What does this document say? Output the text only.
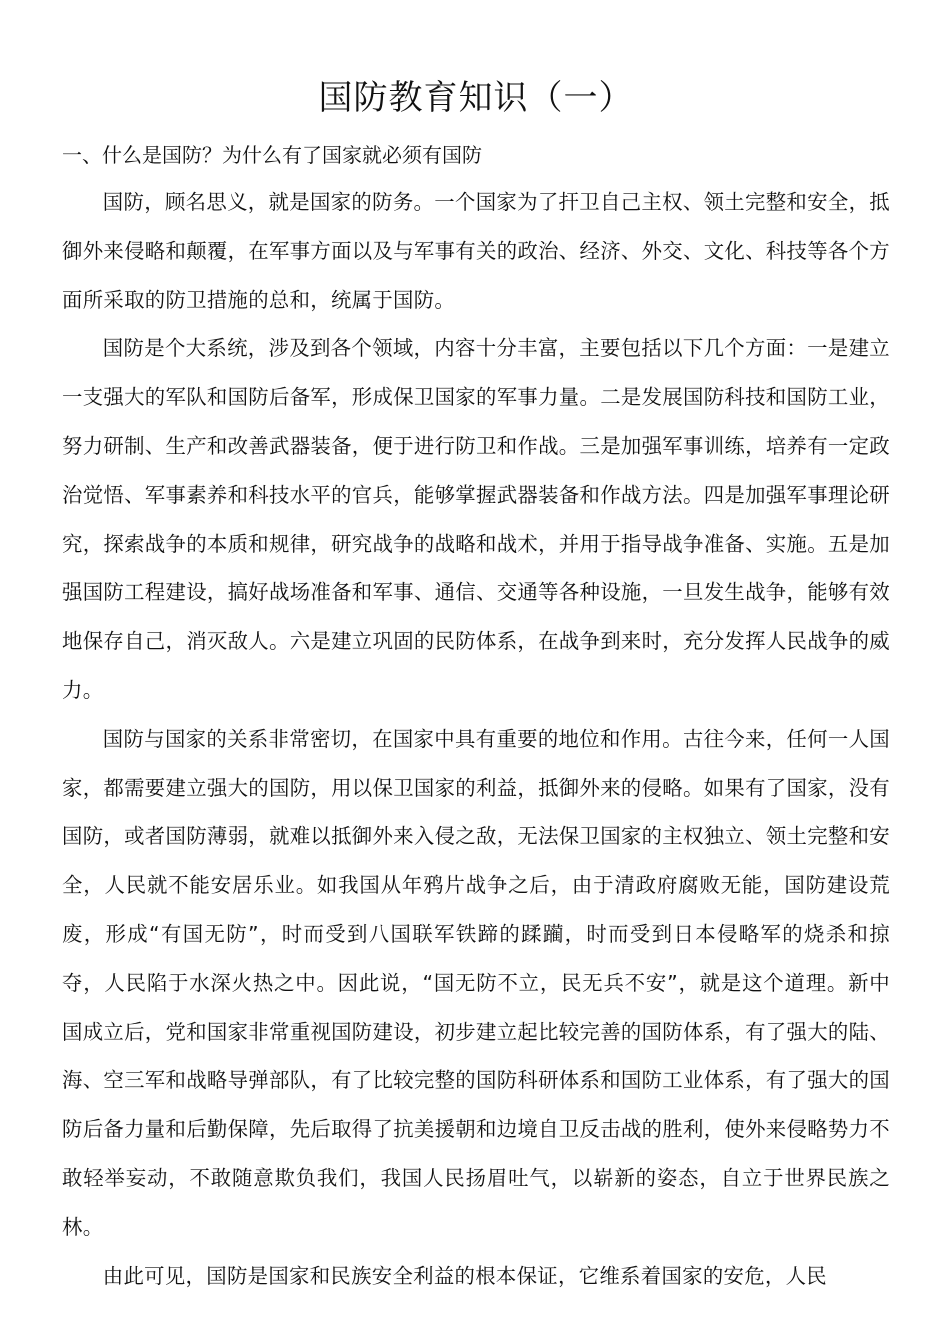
国防教育知识（一）
一、什么是国防？为什么有了国家就必须有国防

国防，顾名思义，就是国家的防务。一个国家为了扞卫自己主权、领土完整和安全，抵御外来侵略和颠覆，在军事方面以及与军事有关的政治、经济、外交、文化、科技等各个方面所采取的防卫措施的总和，统属于国防。

国防是个大系统，涉及到各个领域，内容十分丰富，主要包括以下几个方面：一是建立一支强大的军队和国防后备军，形成保卫国家的军事力量。二是发展国防科技和国防工业，努力研制、生产和改善武器装备，便于进行防卫和作战。三是加强军事训练，培养有一定政治觉悟、军事素养和科技水平的官兵，能够掌握武器装备和作战方法。四是加强军事理论研究，探索战争的本质和规律，研究战争的战略和战术，并用于指导战争准备、实施。五是加强国防工程建设，搞好战场准备和军事、通信、交通等各种设施，一旦发生战争，能够有效地保存自己，消灭敌人。六是建立巩固的民防体系，在战争到来时，充分发挥人民战争的威力。

国防与国家的关系非常密切，在国家中具有重要的地位和作用。古往今来，任何一人国家，都需要建立强大的国防，用以保卫国家的利益，抵御外来的侵略。如果有了国家，没有国防，或者国防薄弱，就难以抵御外来入侵之敌，无法保卫国家的主权独立、领土完整和安全，人民就不能安居乐业。如我国从年鸦片战争之后，由于清政府腐败无能，国防建设荒废，形成“有国无防”，时而受到八国联军铁蹄的蹂躏，时而受到日本侵略军的烧杀和掠夺，人民陷于水深火热之中。因此说，“国无防不立，民无兵不安”，就是这个道理。新中国成立后，党和国家非常重视国防建设，初步建立起比较完善的国防体系，有了强大的陆、海、空三军和战略导弹部队，有了比较完整的国防科研体系和国防工业体系，有了强大的国防后备力量和后勤保障，先后取得了抗美援朝和边境自卫反击战的胜利，使外来侵略势力不敢轻举妄动，不敢随意欺负我们，我国人民扬眉吐气，以崭新的姿态，自立于世界民族之林。

由此可见，国防是国家和民族安全利益的根本保证，它维系着国家的安危，人民
